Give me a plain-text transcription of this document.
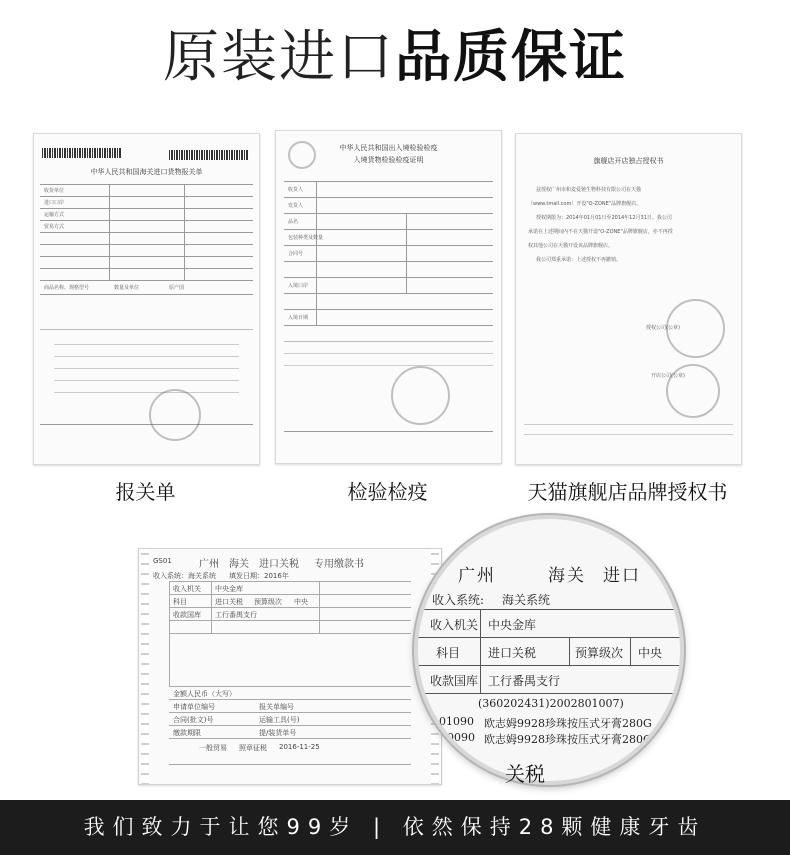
原装进口品质保证
中华人民共和国海关进口货物报关单
收货单位
进口口岸
运输方式
贸易方式
商品名称、规格型号	数量及单位	原产国
中华人民共和国出入境检验检疫
入境货物检验检疫证明
收货人
发货人
品名
包装种类及数量
合同号
入境口岸
入境日期
旗舰店开店独占授权书
兹授权广州市和麦爱驰生物科技有限公司在天猫
（www.tmall.com）开设"O-ZONE"品牌旗舰店。
授权期限为：2014年01月01日至2014年12月31日。我公司
承诺在上述期间内不在天猫开设"O-ZONE"品牌旗舰店，亦不再授
权其他公司在天猫开设该品牌旗舰店。
我公司郑重承诺：上述授权不再撤销。
授权公司(公章)
开店公司(公章)
报关单	检验检疫	天猫旗舰店品牌授权书
GS01	广州 海关 进口关税 专用缴款书
收入系统：海关系统 填发日期：2016年
收入机关 中央金库
科目	进口关税 预算级次 中央
收款国库 工行番禺支行
金额人民币（大写）
申请单位编号	报关单编号
合同(批文)号	运输工具(号)
缴款期限	提/装货单号
一般贸易 照章征税 2016-11-25
广州	海关 进口
收入系统: 海关系统
收入机关 中央金库
科目 进口关税	预算级次 中央
收款国库 工行番禺支行
(360202431)2002801007)
101090 欧志姆9928珍珠按压式牙膏280G
10090 欧志姆9928珍珠按压式牙膏280G
关税
我们致力于让您99岁 | 依然保持28颗健康牙齿
